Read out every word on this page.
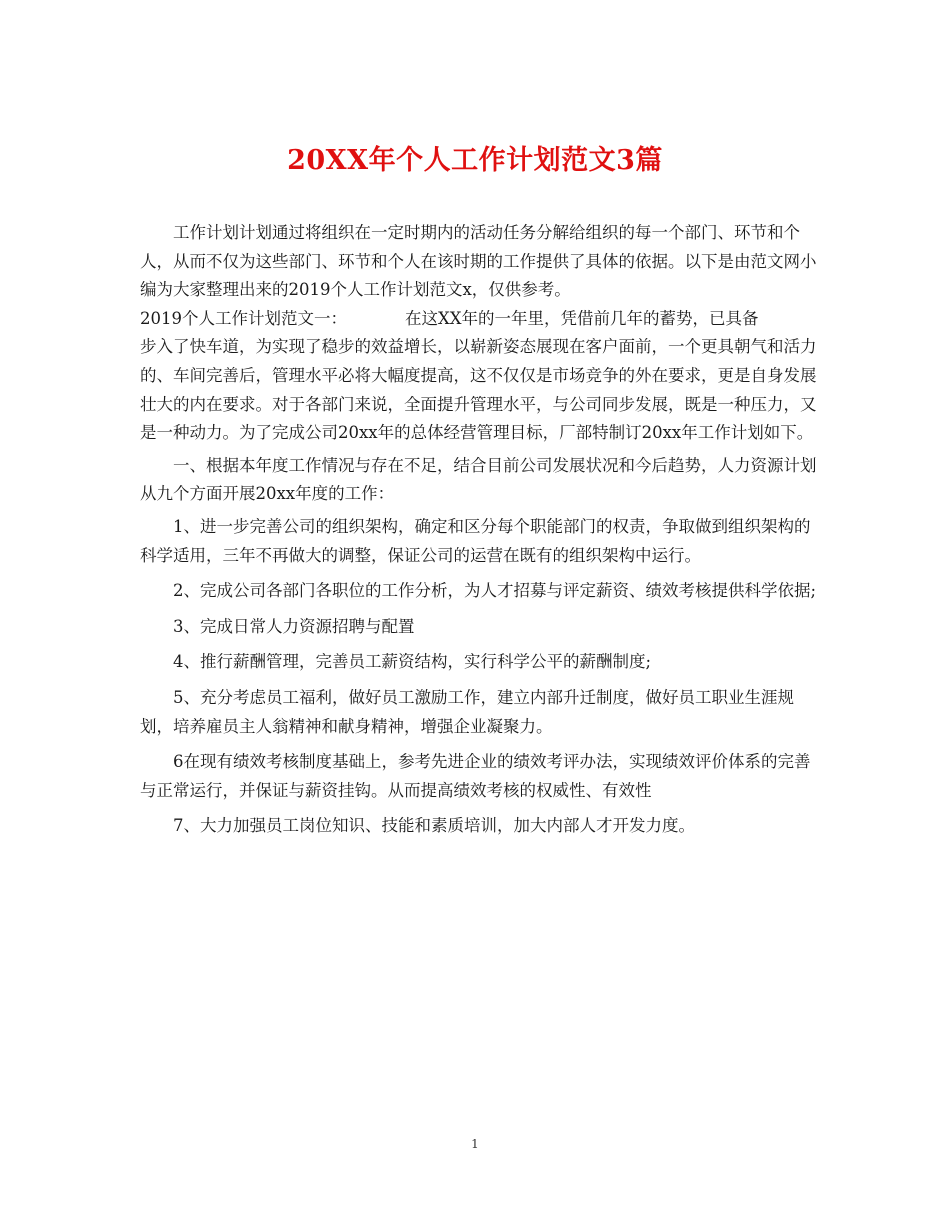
20XX年个人工作计划范文3篇

工作计划计划通过将组织在一定时期内的活动任务分解给组织的每一个部门、环节和个人，从而不仅为这些部门、环节和个人在该时期的工作提供了具体的依据。以下是由范文网小编为大家整理出来的2019个人工作计划范文x，仅供参考。

2019个人工作计划范文一：	在这XX年的一年里，凭借前几年的蓄势，已具备

步入了快车道，为实现了稳步的效益增长，以崭新姿态展现在客户面前，一个更具朝气和活力的、车间完善后，管理水平必将大幅度提高，这不仅仅是市场竞争的外在要求，更是自身发展壮大的内在要求。对于各部门来说，全面提升管理水平，与公司同步发展，既是一种压力，又是一种动力。为了完成公司20xx年的总体经营管理目标，厂部特制订20xx年工作计划如下。

一、根据本年度工作情况与存在不足，结合目前公司发展状况和今后趋势，人力资源计划从九个方面开展20xx年度的工作：

1、进一步完善公司的组织架构，确定和区分每个职能部门的权责，争取做到组织架构的科学适用，三年不再做大的调整，保证公司的运营在既有的组织架构中运行。

2、完成公司各部门各职位的工作分析，为人才招募与评定薪资、绩效考核提供科学依据;

3、完成日常人力资源招聘与配置

4、推行薪酬管理，完善员工薪资结构，实行科学公平的薪酬制度;

5、充分考虑员工福利，做好员工激励工作，建立内部升迁制度，做好员工职业生涯规划，培养雇员主人翁精神和献身精神，增强企业凝聚力。

6在现有绩效考核制度基础上，参考先进企业的绩效考评办法，实现绩效评价体系的完善与正常运行，并保证与薪资挂钩。从而提高绩效考核的权威性、有效性

7、大力加强员工岗位知识、技能和素质培训，加大内部人才开发力度。

1
